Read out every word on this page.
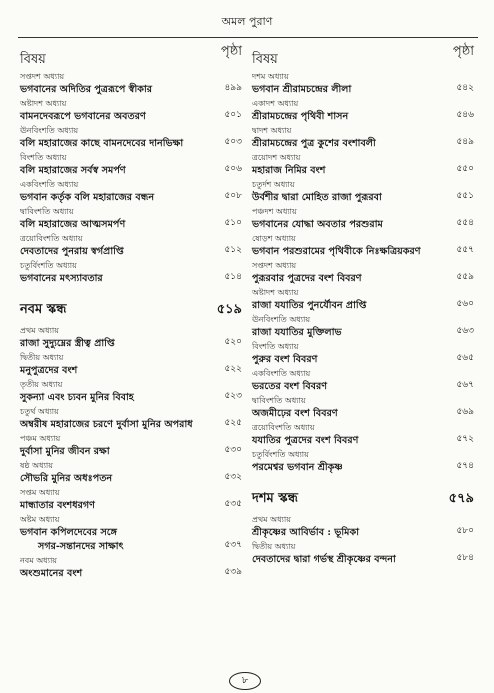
অমল পুরাণ
বিষয়
পৃষ্ঠা
সপ্তদশ অধ্যায়
ভগবানের অদিতির পুত্ররূপে স্বীকার	৪৯৯
অষ্টাদশ অধ্যায়
বামনদেবরূপে ভগবানের অবতরণ	৫০১
ঊনবিংশতি অধ্যায়
বলি মহারাজের কাছে বামনদেবের দানভিক্ষা	৫০৩
বিংশতি অধ্যায়
বলি মহারাজের সর্বস্ব সমর্পণ	৫০৬
একবিংশতি অধ্যায়
ভগবান কর্তৃক বলি মহারাজের বন্ধন	৫০৮
দ্বাবিংশতি অধ্যায়
বলি মহারাজের আত্মসমর্পণ	৫১০
ত্রয়োবিংশতি অধ্যায়
দেবতাদের পুনরায় স্বর্গপ্রাপ্তি	৫১২
চতুর্বিংশতি অধ্যায়
ভগবানের মৎস্যাবতার	৫১৪
নবম স্কন্ধ	৫১৯
প্রথম অধ্যায়
রাজা সুদ্যুম্নের স্ত্রীত্ব প্রাপ্তি	৫২০
দ্বিতীয় অধ্যায়
মনুপুত্রদের বংশ	৫২২
তৃতীয় অধ্যায়
সুকন্যা এবং চ্যবন মুনির বিবাহ	৫২৩
চতুর্থ অধ্যায়
অম্বরীষ মহারাজের চরণে দুর্বাসা মুনির অপরাধ	৫২৫
পঞ্চম অধ্যায়
দুর্বাসা মুনির জীবন রক্ষা	৫৩০
ষষ্ঠ অধ্যায়
সৌভরি মুনির অধঃপতন	৫৩২
সপ্তম অধ্যায়
মান্ধাতার বংশধরগণ	৫৩৫
অষ্টম অধ্যায়
ভগবান কপিলদেবের সঙ্গে
সগর-সন্তানদের সাক্ষাৎ	৫৩৭
নবম অধ্যায়
অংশুমানের বংশ	৫৩৯
বিষয়
পৃষ্ঠা
দশম অধ্যায়
ভগবান শ্রীরামচন্দ্রের লীলা	৫৪২
একাদশ অধ্যায়
শ্রীরামচন্দ্রের পৃথিবী শাসন	৫৪৬
দ্বাদশ অধ্যায়
শ্রীরামচন্দ্রের পুত্র কুশের বংশাবলী	৫৪৯
ত্রয়োদশ অধ্যায়
মহারাজ নিমির বংশ	৫৫০
চতুর্দশ অধ্যায়
উর্বশীর দ্বারা মোহিত রাজা পুরূরবা	৫৫১
পঞ্চদশ অধ্যায়
ভগবানের যোদ্ধা অবতার পরশুরাম	৫৫৪
ষোড়শ অধ্যায়
ভগবান পরশুরামের পৃথিবীকে নিঃক্ষত্রিয়করণ	৫৫৭
সপ্তদশ অধ্যায়
পুরূরবার পুত্রদের বংশ বিবরণ	৫৫৯
অষ্টাদশ অধ্যায়
রাজা যযাতির পুনর্যৌবন প্রাপ্তি	৫৬০
ঊনবিংশতি অধ্যায়
রাজা যযাতির মুক্তিলাভ	৫৬৩
বিংশতি অধ্যায়
পুরুর বংশ বিবরণ	৫৬৫
একবিংশতি অধ্যায়
ভরতের বংশ বিবরণ	৫৬৭
দ্বাবিংশতি অধ্যায়
অজমীঢ়ের বংশ বিবরণ	৫৬৯
ত্রয়োবিংশতি অধ্যায়
যযাতির পুত্রদের বংশ বিবরণ	৫৭২
চতুর্বিংশতি অধ্যায়
পরমেশ্বর ভগবান শ্রীকৃষ্ণ	৫৭৪
দশম স্কন্ধ	৫৭৯
প্রথম অধ্যায়
শ্রীকৃষ্ণের আবির্ভাব : ভূমিকা	৫৮০
দ্বিতীয় অধ্যায়
দেবতাদের দ্বারা গর্ভস্থ শ্রীকৃষ্ণের বন্দনা	৫৮৪
৮
